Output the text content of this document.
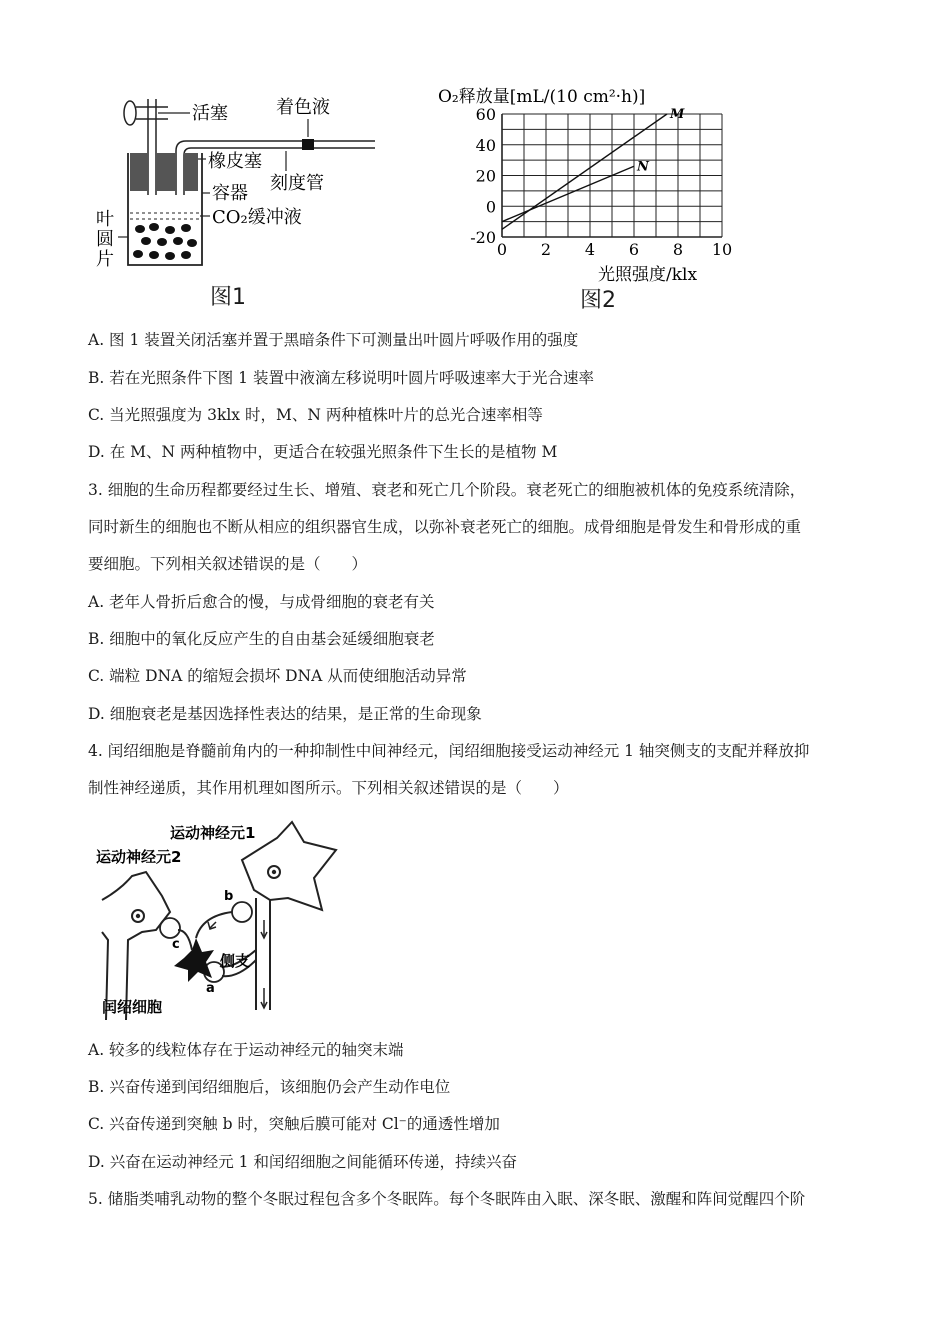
活塞	着色液
橡皮塞
刻度管
容器
CO₂缓冲液
叶
圆
片
图1
O₂释放量[mL/(10 cm²·h)]
-20
0
20
40
60
0 2 4 6 8 10
M
N
光照强度/klx
图2
A. 图 1 装置关闭活塞并置于黑暗条件下可测量出叶圆片呼吸作用的强度
B. 若在光照条件下图 1 装置中液滴左移说明叶圆片呼吸速率大于光合速率
C. 当光照强度为 3klx 时，M、N 两种植株叶片的总光合速率相等
D. 在 M、N 两种植物中，更适合在较强光照条件下生长的是植物 M
3. 细胞的生命历程都要经过生长、增殖、衰老和死亡几个阶段。衰老死亡的细胞被机体的免疫系统清除，
同时新生的细胞也不断从相应的组织器官生成，以弥补衰老死亡的细胞。成骨细胞是骨发生和骨形成的重
要细胞。下列相关叙述错误的是（　　）
A. 老年人骨折后愈合的慢，与成骨细胞的衰老有关
B. 细胞中的氧化反应产生的自由基会延缓细胞衰老
C. 端粒 DNA 的缩短会损坏 DNA 从而使细胞活动异常
D. 细胞衰老是基因选择性表达的结果，是正常的生命现象
4. 闰绍细胞是脊髓前角内的一种抑制性中间神经元，闰绍细胞接受运动神经元 1 轴突侧支的支配并释放抑
制性神经递质，其作用机理如图所示。下列相关叙述错误的是（　　）
运动神经元1
运动神经元2
侧支
闰绍细胞
a
b
c
A. 较多的线粒体存在于运动神经元的轴突末端
B. 兴奋传递到闰绍细胞后，该细胞仍会产生动作电位
C. 兴奋传递到突触 b 时，突触后膜可能对 Cl⁻的通透性增加
D. 兴奋在运动神经元 1 和闰绍细胞之间能循环传递，持续兴奋
5. 储脂类哺乳动物的整个冬眠过程包含多个冬眠阵。每个冬眠阵由入眠、深冬眠、激醒和阵间觉醒四个阶
